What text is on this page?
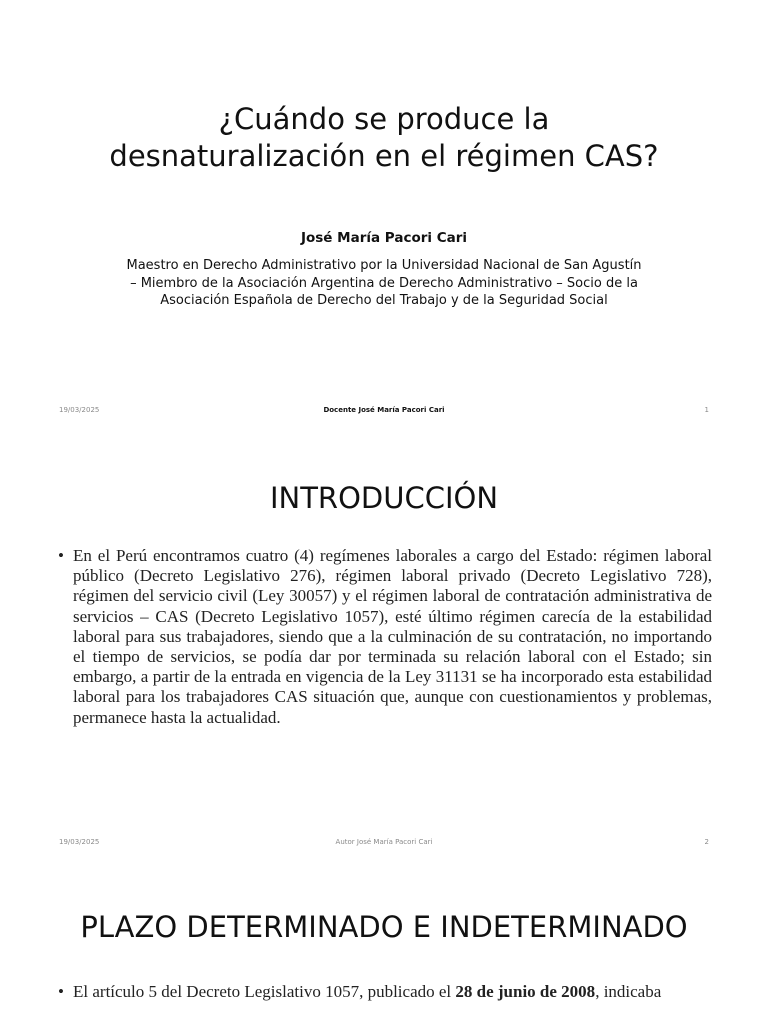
¿Cuándo se produce la
desnaturalización en el régimen CAS?
José María Pacori Cari
Maestro en Derecho Administrativo por la Universidad Nacional de San Agustín
– Miembro de la Asociación Argentina de Derecho Administrativo – Socio de la
Asociación Española de Derecho del Trabajo y de la Seguridad Social
19/03/2025	Docente José María Pacori Cari	1
INTRODUCCIÓN
• En el Perú encontramos cuatro (4) regímenes laborales a cargo del Estado: régimen laboral público (Decreto Legislativo 276), régimen laboral privado (Decreto Legislativo 728), régimen del servicio civil (Ley 30057) y el régimen laboral de contratación administrativa de servicios – CAS (Decreto Legislativo 1057), esté último régimen carecía de la estabilidad laboral para sus trabajadores, siendo que a la culminación de su contratación, no importando el tiempo de servicios, se podía dar por terminada su relación laboral con el Estado; sin embargo, a partir de la entrada en vigencia de la Ley 31131 se ha incorporado esta estabilidad laboral para los trabajadores CAS situación que, aunque con cuestionamientos y problemas, permanece hasta la actualidad.

19/03/2025	Autor José María Pacori Cari	2
PLAZO DETERMINADO E INDETERMINADO
• El artículo 5 del Decreto Legislativo 1057, publicado el 28 de junio de 2008, indicaba
